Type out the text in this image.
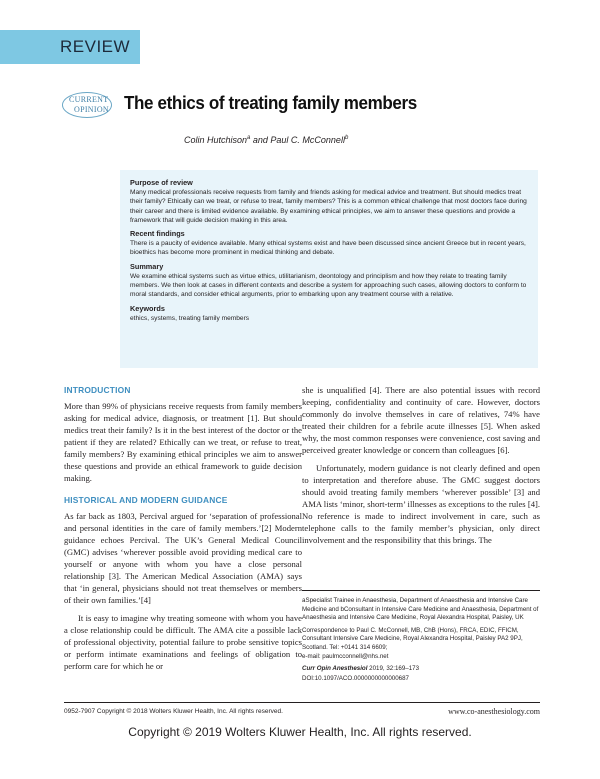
REVIEW
CURRENT
OPINION The ethics of treating family members
Colin Hutchison$^a$ and Paul C. McConnell$^b$
Purpose of review

Many medical professionals receive requests from family and friends asking for medical advice and treatment. But should medics treat their family? Ethically can we treat, or refuse to treat, family members? This is a common ethical challenge that most doctors face during their career and there is limited evidence available. By examining ethical principles, we aim to answer these questions and provide a framework that will guide decision making in this area.

Recent findings

There is a paucity of evidence available. Many ethical systems exist and have been discussed since ancient Greece but in recent years, bioethics has become more prominent in medical thinking and debate.

Summary

We examine ethical systems such as virtue ethics, utilitarianism, deontology and principlism and how they relate to treating family members. We then look at cases in different contexts and describe a system for approaching such cases, allowing doctors to conform to moral standards, and consider ethical arguments, prior to embarking upon any treatment course with a relative.

Keywords

ethics, systems, treating family members

INTRODUCTION

More than 99% of physicians receive requests from family members asking for medical advice, diagnosis, or treatment [1]. But should medics treat their family? Is it in the best interest of the doctor or the patient if they are related? Ethically can we treat, or refuse to treat, family members? By examining ethical principles we aim to answer these questions and provide an ethical framework to guide decision making.

HISTORICAL AND MODERN GUIDANCE

As far back as 1803, Percival argued for ‘separation of professional and personal identities in the care of family members.’[2] Modern guidance echoes Percival. The UK’s General Medical Council (GMC) advises ‘wherever possible avoid providing medical care to yourself or anyone with whom you have a close personal relationship [3]. The American Medical Association (AMA) says that ‘in general, physicians should not treat themselves or members of their own families.’[4]

It is easy to imagine why treating someone with whom you have a close relationship could be difficult. The AMA cite a possible lack of professional objectivity, potential failure to probe sensitive topics or perform intimate examinations and feelings of obligation to perform care for which he or

she is unqualified [4]. There are also potential issues with record keeping, confidentiality and continuity of care. However, doctors commonly do involve themselves in care of relatives, 74% have treated their children for a febrile acute illnesses [5]. When asked why, the most common responses were convenience, cost saving and perceived greater knowledge or concern than colleagues [6].

Unfortunately, modern guidance is not clearly defined and open to interpretation and therefore abuse. The GMC suggest doctors should avoid treating family members ‘wherever possible’ [3] and AMA lists ‘minor, short-term’ illnesses as exceptions to the rules [4]. No reference is made to indirect involvement in care, such as telephone calls to the family member’s physician, only direct involvement and the responsibility that this brings. The

aSpecialist Trainee in Anaesthesia, Department of Anaesthesia and Intensive Care Medicine and bConsultant in Intensive Care Medicine and Anaesthesia, Department of Anaesthesia and Intensive Care Medicine, Royal Alexandra Hospital, Paisley, UK

Correspondence to Paul C. McConnell, MB, ChB (Hons), FRCA, EDIC, FFICM, Consultant Intensive Care Medicine, Royal Alexandra Hospital, Paisley PA2 9PJ, Scotland. Tel: +0141 314 6609;
e-mail: paulmcconnell@nhs.net

Curr Opin Anesthesiol 2019, 32:169–173

DOI:10.1097/ACO.0000000000000687

0952-7907 Copyright © 2018 Wolters Kluwer Health, Inc. All rights reserved.	www.co-anesthesiology.com
Copyright © 2019 Wolters Kluwer Health, Inc. All rights reserved.
